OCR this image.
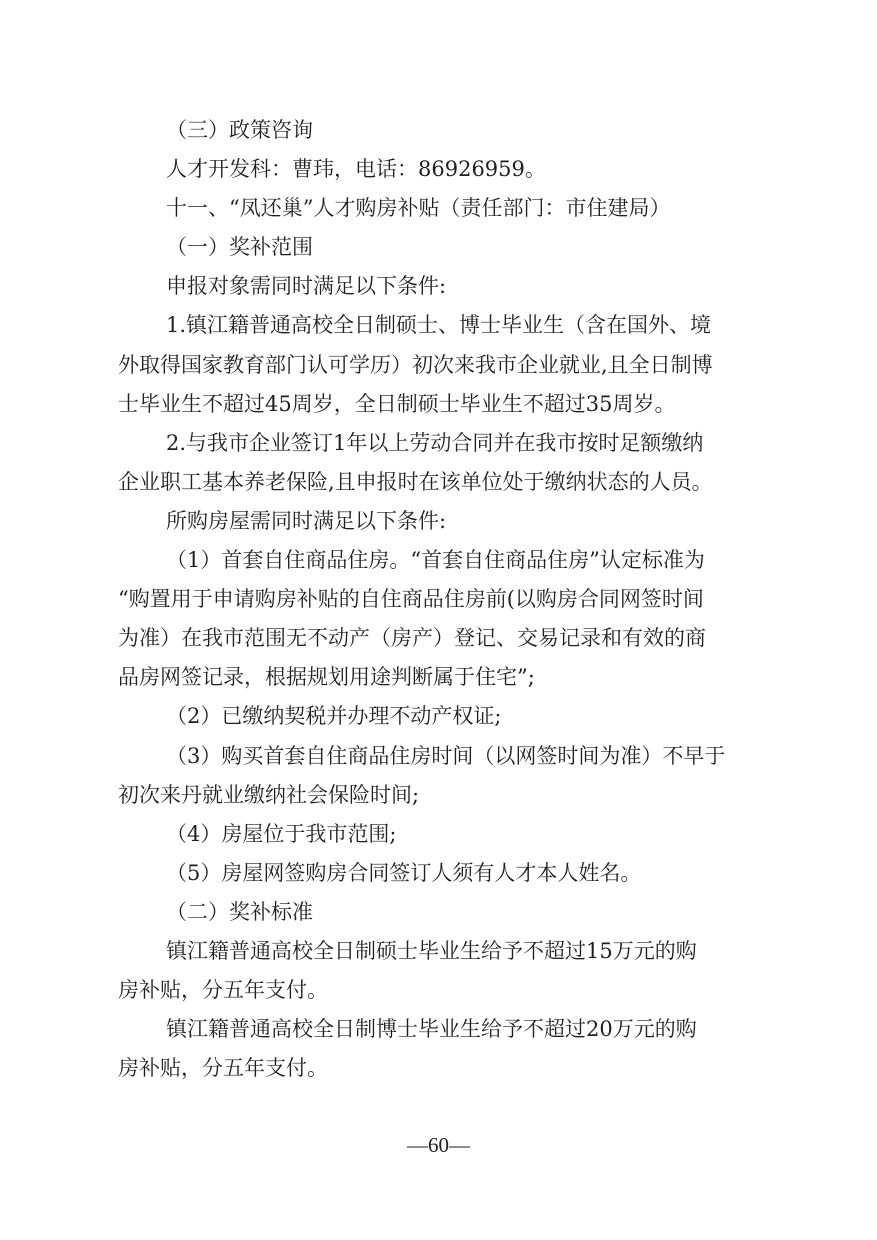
（三）政策咨询
人才开发科：曹玮，电话：86926959。
十一、“凤还巢”人才购房补贴（责任部门：市住建局）
（一）奖补范围
申报对象需同时满足以下条件:
1.镇江籍普通高校全日制硕士、博士毕业生（含在国外、境
外取得国家教育部门认可学历）初次来我市企业就业,且全日制博
士毕业生不超过45周岁，全日制硕士毕业生不超过35周岁。
2.与我市企业签订1年以上劳动合同并在我市按时足额缴纳
企业职工基本养老保险,且申报时在该单位处于缴纳状态的人员。
所购房屋需同时满足以下条件:
（1）首套自住商品住房。“首套自住商品住房”认定标准为
“购置用于申请购房补贴的自住商品住房前(以购房合同网签时间
为准）在我市范围无不动产（房产）登记、交易记录和有效的商
品房网签记录，根据规划用途判断属于住宅”;
（2）已缴纳契税并办理不动产权证;
（3）购买首套自住商品住房时间（以网签时间为准）不早于
初次来丹就业缴纳社会保险时间;
（4）房屋位于我市范围;
（5）房屋网签购房合同签订人须有人才本人姓名。
（二）奖补标准
镇江籍普通高校全日制硕士毕业生给予不超过15万元的购
房补贴，分五年支付。
镇江籍普通高校全日制博士毕业生给予不超过20万元的购
房补贴，分五年支付。
—60—
